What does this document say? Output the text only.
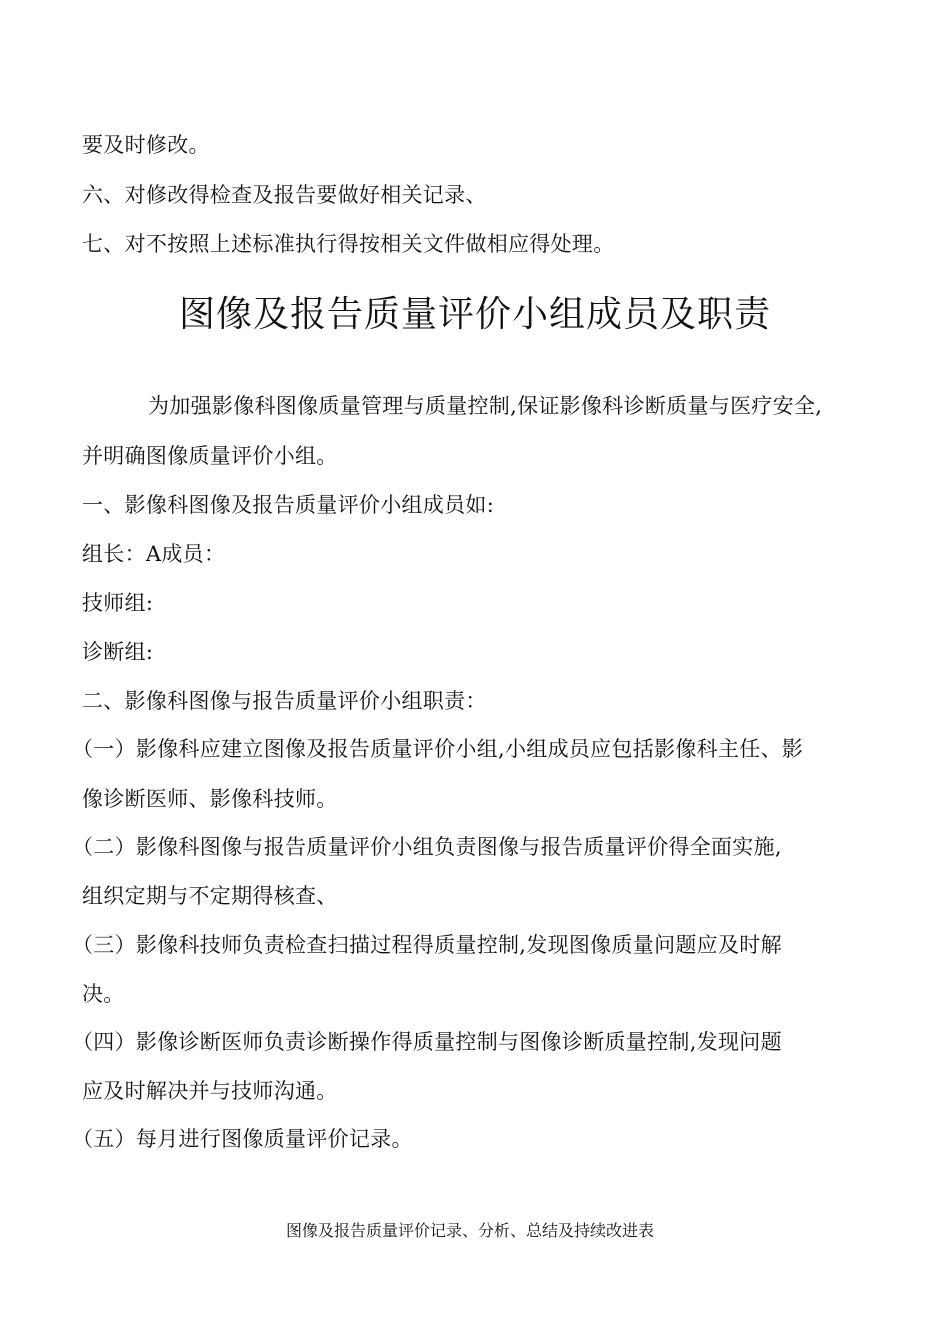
要及时修改。
六、对修改得检查及报告要做好相关记录、
七、对不按照上述标准执行得按相关文件做相应得处理。
图像及报告质量评价小组成员及职责
为加强影像科图像质量管理与质量控制,保证影像科诊断质量与医疗安全,
并明确图像质量评价小组。
一、影像科图像及报告质量评价小组成员如:
组长：A成员：
技师组:
诊断组:
二、影像科图像与报告质量评价小组职责：
（一）影像科应建立图像及报告质量评价小组,小组成员应包括影像科主任、影
像诊断医师、影像科技师。
（二）影像科图像与报告质量评价小组负责图像与报告质量评价得全面实施,
组织定期与不定期得核查、
（三）影像科技师负责检查扫描过程得质量控制,发现图像质量问题应及时解
决。
（四）影像诊断医师负责诊断操作得质量控制与图像诊断质量控制,发现问题
应及时解决并与技师沟通。
（五）每月进行图像质量评价记录。
图像及报告质量评价记录、分析、总结及持续改进表
